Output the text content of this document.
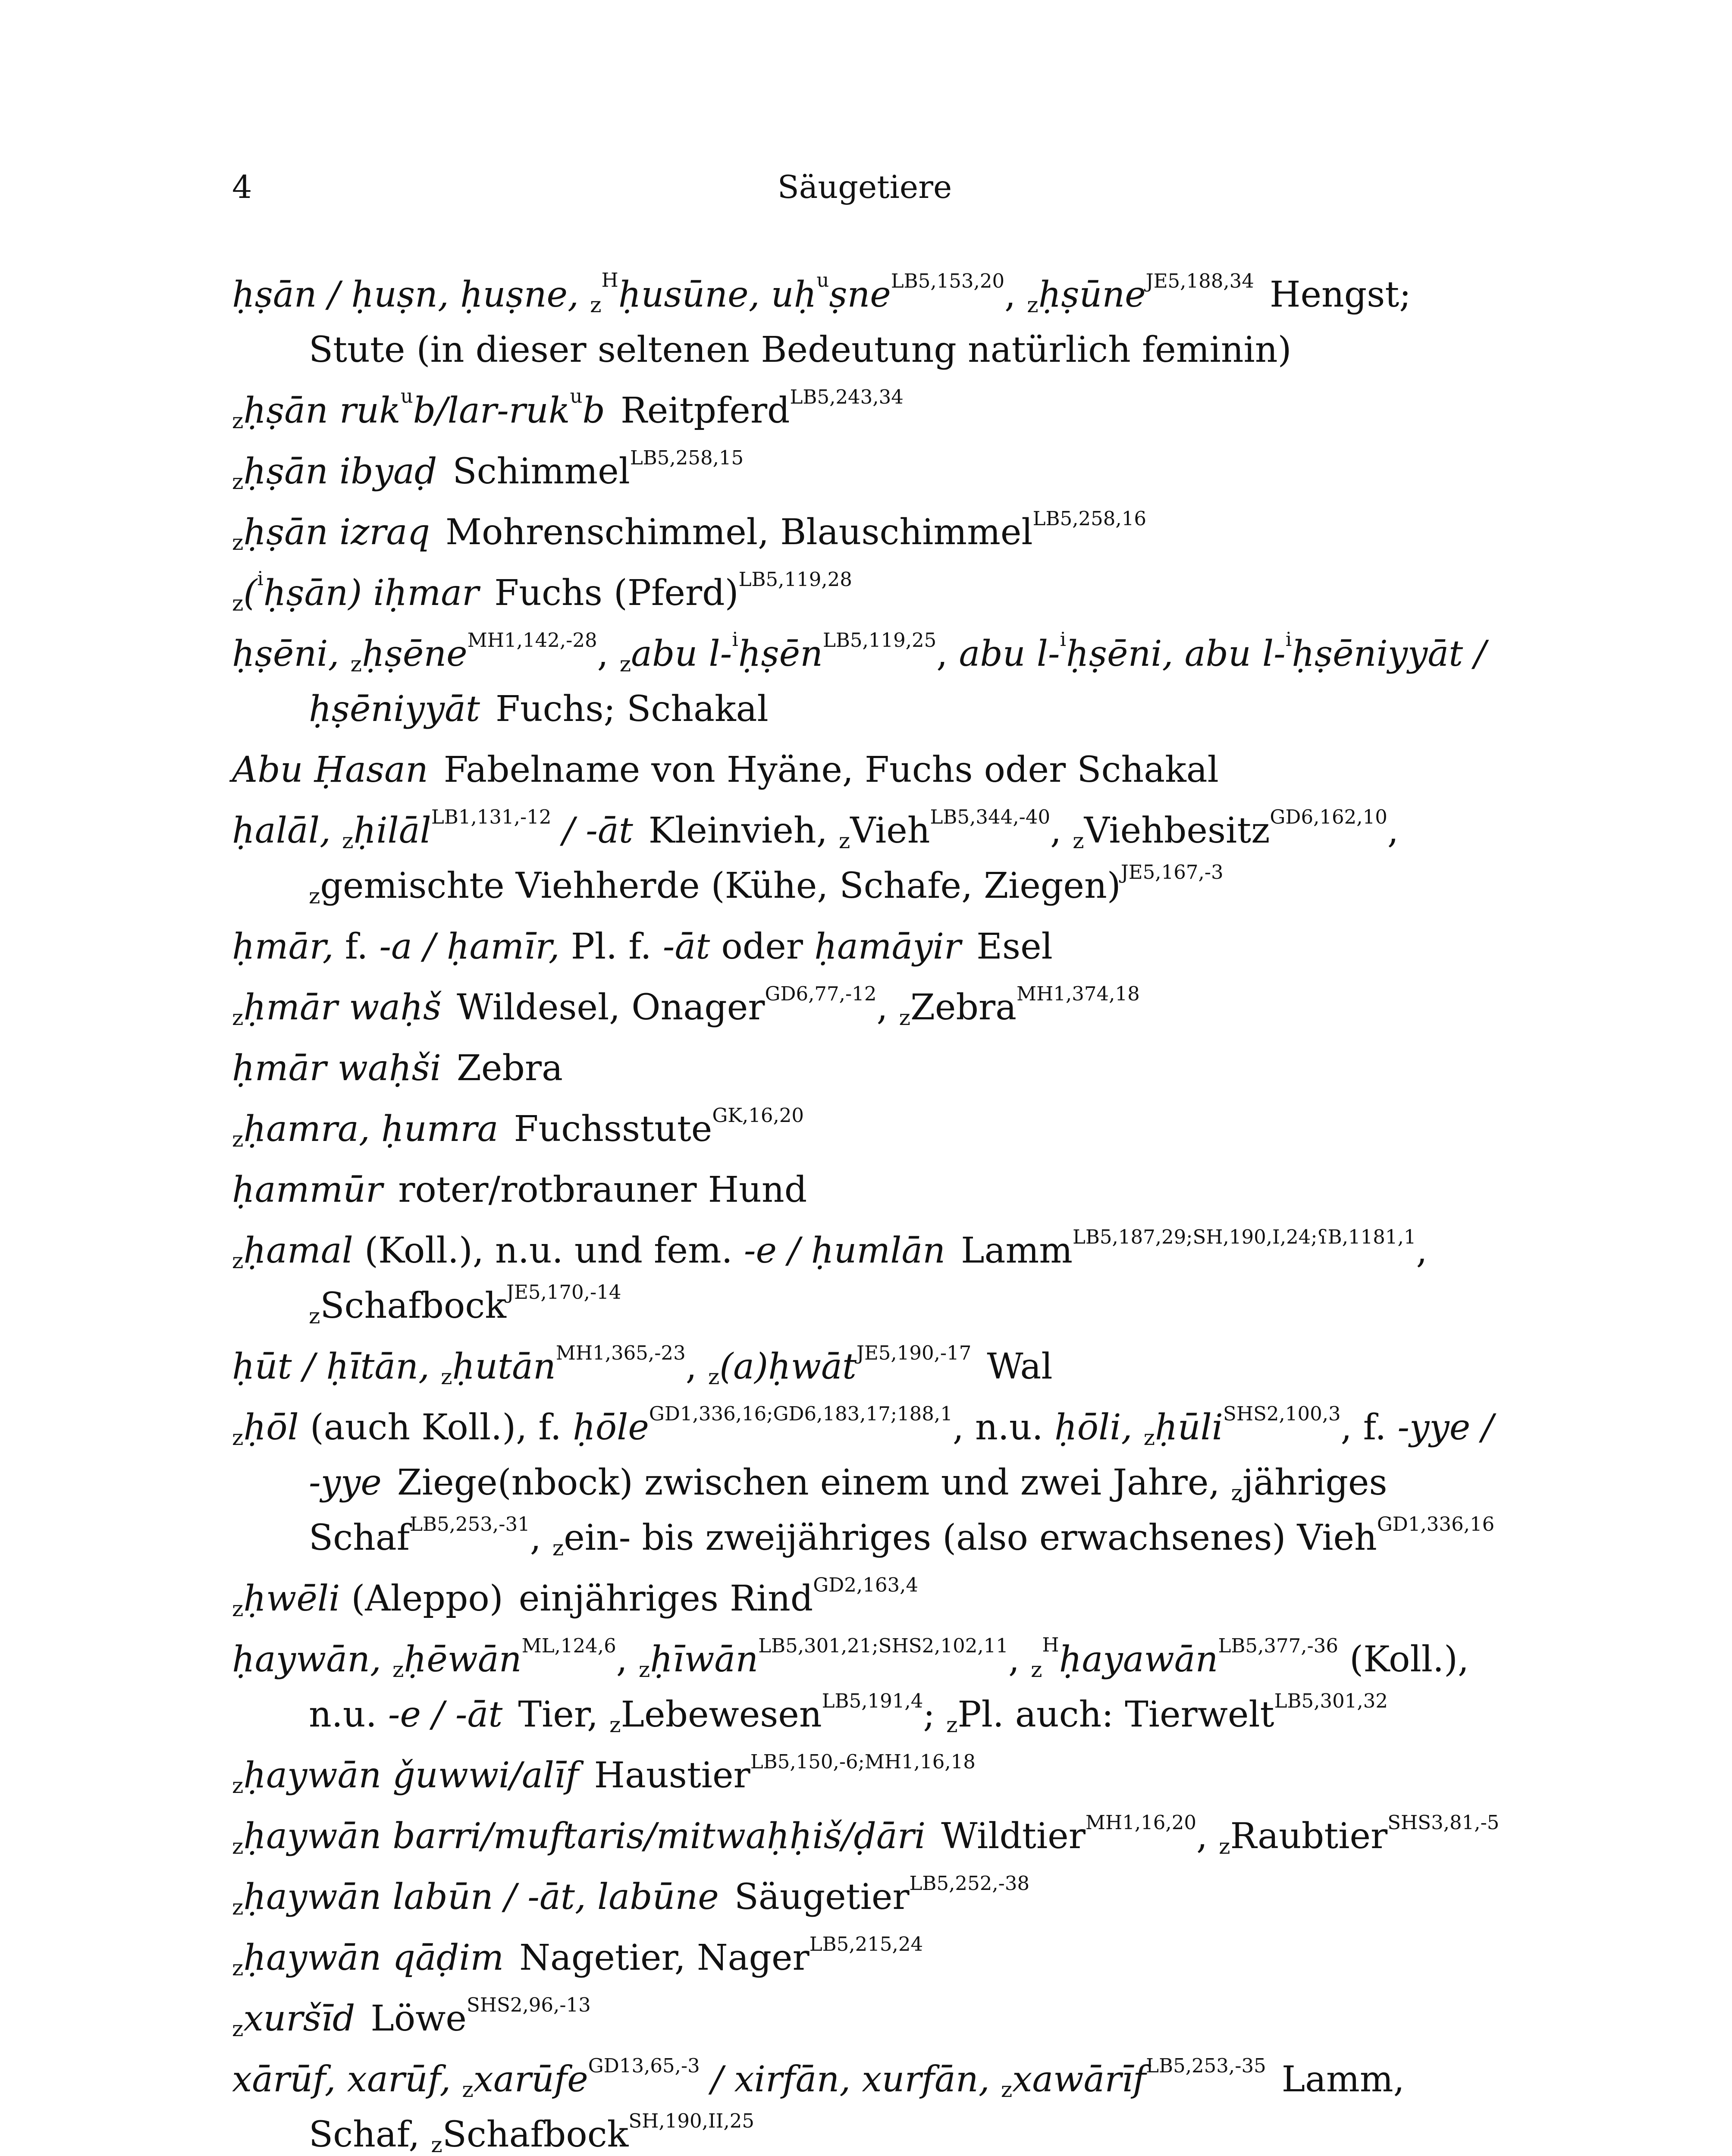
4	Säugetiere
ḥṣān / ḥuṣn, ḥuṣne, $z^Hḥusūne$, uḥ$^u$ṣne$^{LB5,153,20}$, zḥṣūne$^{JE5,188,34}$ Hengst; Stute (in dieser seltenen Bedeutung natürlich feminin)
zḥṣān ruk$^u$b/lar-ruk$^u$b Reitpferd$^{LB5,243,34}$
zḥṣān ibyaḍ Schimmel$^{LB5,258,15}$
zḥṣān izraq Mohrenschimmel, Blauschimmel$^{LB5,258,16}$
z($^i$ḥṣān) iḥmar Fuchs (Pferd)$^{LB5,119,28}$
ḥṣēni, zḥṣēne$^{MH1,142,-28}$, zabu l-$^i$ḥṣēn$^{LB5,119,25}$, abu l-$^i$ḥṣēni, abu l-$^i$ḥṣēniyyāt / ḥṣēniyyāt Fuchs; Schakal
Abu Ḥasan Fabelname von Hyäne, Fuchs oder Schakal
ḥalāl, zḥilāl$^{LB1,131,-12}$ / -āt Kleinvieh, zVieh$^{LB5,344,-40}$, zViehbesitz$^{GD6,162,10}$, zgemischte Viehherde (Kühe, Schafe, Ziegen)$^{JE5,167,-3}$
ḥmār, f. -a / ḥamīr, Pl. f. -āt oder ḥamāyir Esel
zḥmār waḥš Wildesel, Onager$^{GD6,77,-12}$, zZebra$^{MH1,374,18}$
ḥmār waḥši Zebra
zḥamra, ḥumra Fuchsstute$^{GK,16,20}$
ḥammūr roter/rotbrauner Hund
zḥamal (Koll.), n.u. und fem. -e / ḥumlān Lamm$^{LB5,187,29;SH,190,I,24;ʕB,1181,1}$, zSchafbock$^{JE5,170,-14}$
ḥūt / ḥītān, zḥutān$^{MH1,365,-23}$, z(a)ḥwāt$^{JE5,190,-17}$ Wal
zḥōl (auch Koll.), f. ḥōle$^{GD1,336,16;GD6,183,17;188,1}$, n.u. ḥōli, zḥūli$^{SHS2,100,3}$, f. -yye / -yye Ziege(nbock) zwischen einem und zwei Jahre, zjähriges Schaf$^{LB5,253,-31}$, zein- bis zweijähriges (also erwachsenes) Vieh$^{GD1,336,16}$
zḥwēli (Aleppo) einjähriges Rind$^{GD2,163,4}$
ḥaywān, zḥēwān$^{ML,124,6}$, zḥīwān$^{LB5,301,21;SHS2,102,11}$, $z^Hḥayawān^{LB5,377,-36}$ (Koll.), n.u. -e / -āt Tier, zLebewesen$^{LB5,191,4}$; zPl. auch: Tierwelt$^{LB5,301,32}$
zḥaywān ǧuwwi/alīf Haustier$^{LB5,150,-6;MH1,16,18}$
zḥaywān barri/muftaris/mitwaḥḥiš/ḍāri Wildtier$^{MH1,16,20}$, zRaubtier$^{SHS3,81,-5}$
zḥaywān labūn / -āt, labūne Säugetier$^{LB5,252,-38}$
zḥaywān qāḍim Nagetier, Nager$^{LB5,215,24}$
zxuršīd Löwe$^{SHS2,96,-13}$
xārūf, xarūf, zxarūfe$^{GD13,65,-3}$ / xirfān, xurfān, zxawārīf$^{LB5,253,-35}$ Lamm, Schaf, zSchafbock$^{SH,190,II,25}$
